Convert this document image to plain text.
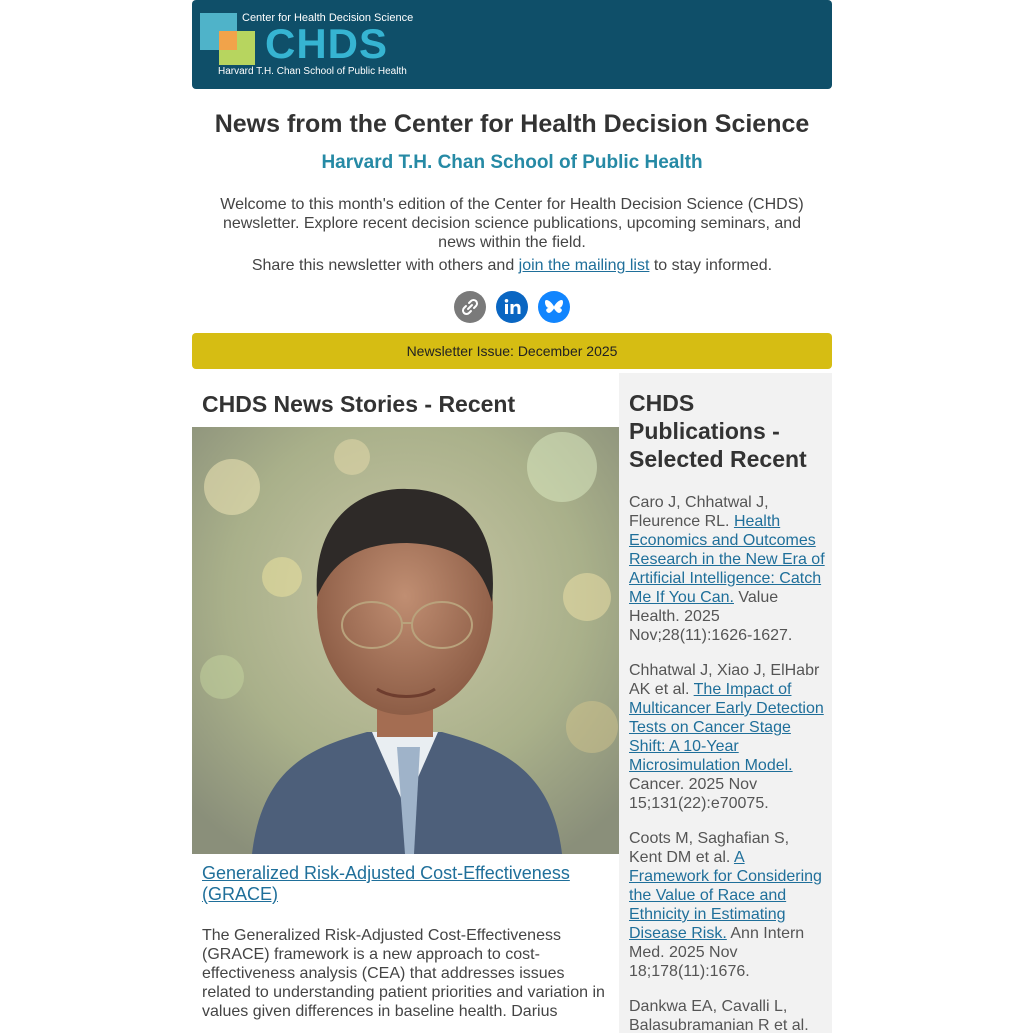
Center for Health Decision Science
CHDS
Harvard T.H. Chan School of Public Health
News from the Center for Health Decision Science
Harvard T.H. Chan School of Public Health
Welcome to this month's edition of the Center for Health Decision Science (CHDS) newsletter. Explore recent decision science publications, upcoming seminars, and news within the field.
Share this newsletter with others and join the mailing list to stay informed.

Newsletter Issue: December 2025
CHDS News Stories - Recent
Generalized Risk-Adjusted Cost-Effectiveness (GRACE)
The Generalized Risk-Adjusted Cost-Effectiveness (GRACE) framework is a new approach to cost-effectiveness analysis (CEA) that addresses issues related to understanding patient priorities and variation in values given differences in baseline health. Darius
CHDS Publications - Selected Recent
Caro J, Chhatwal J, Fleurence RL. Health Economics and Outcomes Research in the New Era of Artificial Intelligence: Catch Me If You Can. Value Health. 2025 Nov;28(11):1626-1627.
Chhatwal J, Xiao J, ElHabr AK et al. The Impact of Multicancer Early Detection Tests on Cancer Stage Shift: A 10-Year Microsimulation Model. Cancer. 2025 Nov 15;131(22):e70075.
Coots M, Saghafian S, Kent DM et al. A Framework for Considering the Value of Race and Ethnicity in Estimating Disease Risk. Ann Intern Med. 2025 Nov 18;178(11):1676.
Dankwa EA, Cavalli L, Balasubramanian R et al.
